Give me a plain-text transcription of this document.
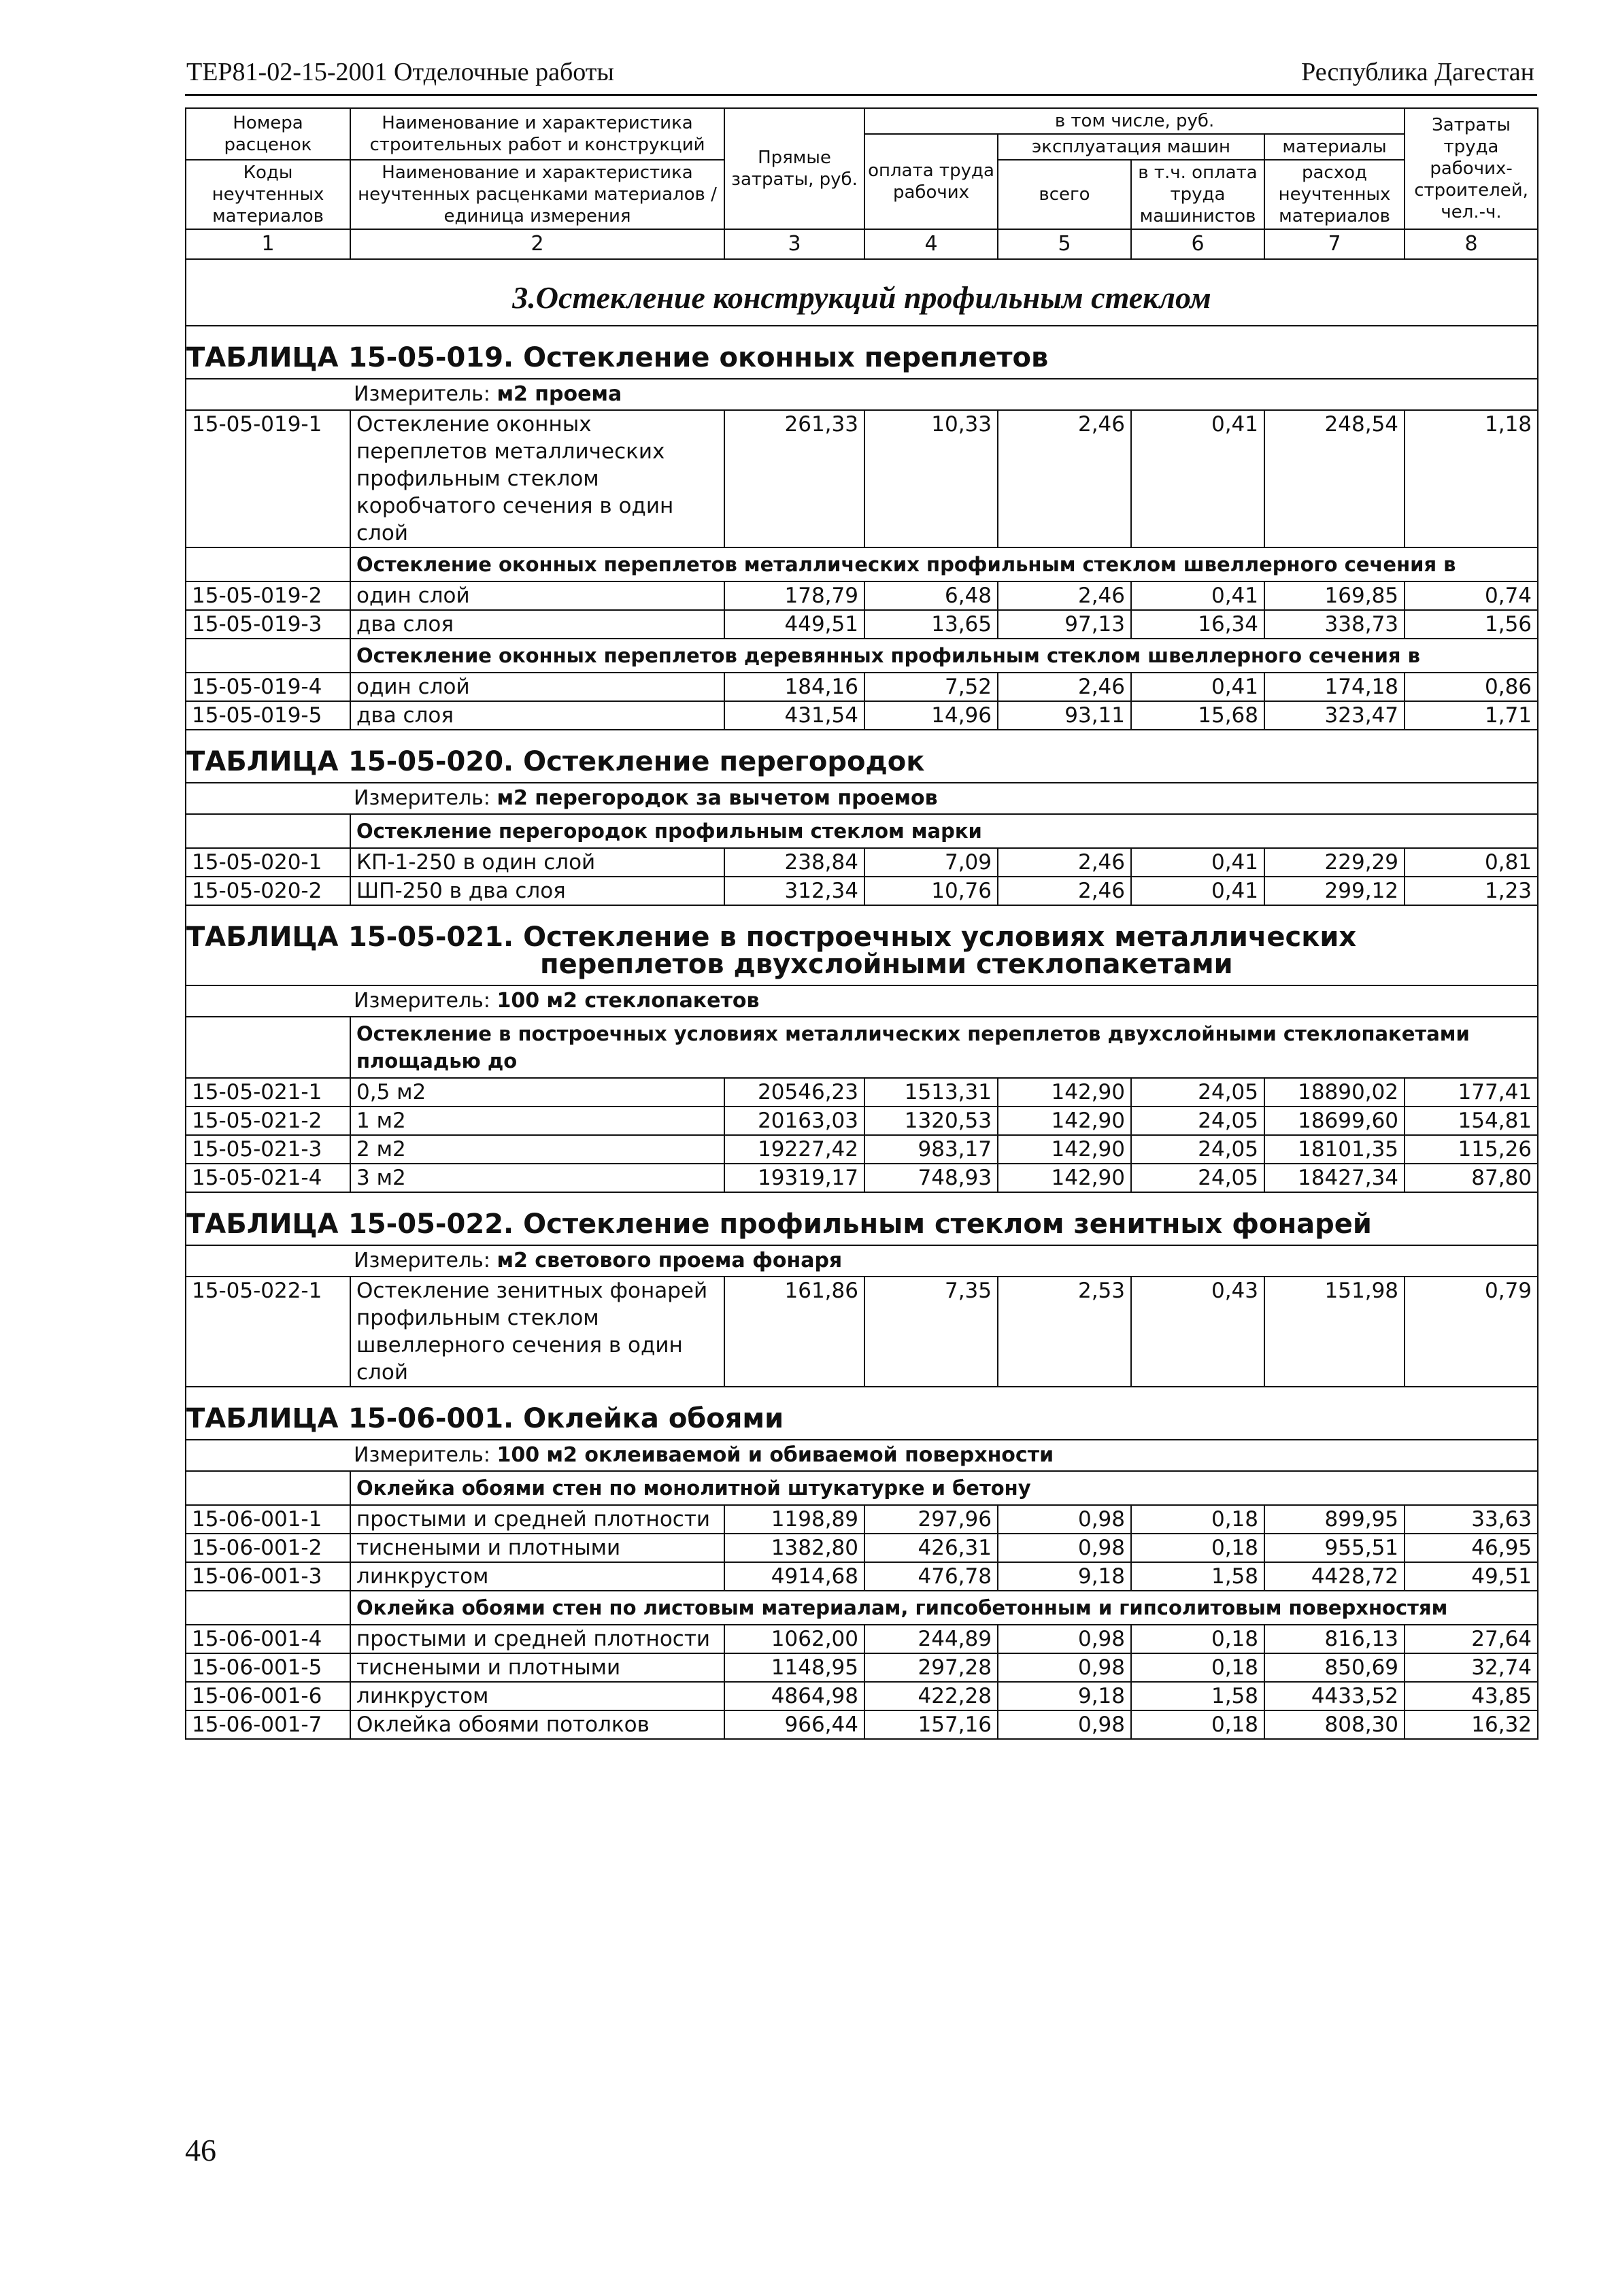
ТЕР81-02-15-2001 Отделочные работы	Республика Дагестан
Номера расценок	Наименование и характеристика строительных работ и конструкций	Прямые затраты, руб.	в том числе, руб.				Затраты труда рабочих-строителей, чел.-ч.
			оплата труда рабочих	эксплуатация машин		материалы	
Коды неучтенных материалов	Наименование и характеристика неучтенных расценками материалов / единица измерения			всего	в т.ч. оплата труда машинистов	расход неучтенных материалов	

1	2	3	4	5	6	7	8
3.Остекление конструкций профильным стеклом							
ТАБЛИЦА 15-05-019. Остекление оконных переплетов							
Измеритель: м2 проема							
15-05-019-1	Остекление оконных переплетов металлических профильным стеклом коробчатого сечения в один слой	261,33	10,33	2,46	0,41	248,54	1,18
	Остекление оконных переплетов металлических профильным стеклом швеллерного сечения в						
15-05-019-2	один слой	178,79	6,48	2,46	0,41	169,85	0,74
15-05-019-3	два слоя	449,51	13,65	97,13	16,34	338,73	1,56
	Остекление оконных переплетов деревянных профильным стеклом швеллерного сечения в						
15-05-019-4	один слой	184,16	7,52	2,46	0,41	174,18	0,86
15-05-019-5	два слоя	431,54	14,96	93,11	15,68	323,47	1,71
ТАБЛИЦА 15-05-020. Остекление перегородок							
Измеритель: м2 перегородок за вычетом проемов							
	Остекление перегородок профильным стеклом марки						
15-05-020-1	КП-1-250 в один слой	238,84	7,09	2,46	0,41	229,29	0,81
15-05-020-2	ШП-250 в два слоя	312,34	10,76	2,46	0,41	299,12	1,23
ТАБЛИЦА 15-05-021. Остекление в построечных условиях металлических
переплетов двухслойными стеклопакетами							
Измеритель: 100 м2 стеклопакетов							
	Остекление в построечных условиях металлических переплетов двухслойными стеклопакетами площадью до						
15-05-021-1	0,5 м2	20546,23	1513,31	142,90	24,05	18890,02	177,41
15-05-021-2	1 м2	20163,03	1320,53	142,90	24,05	18699,60	154,81
15-05-021-3	2 м2	19227,42	983,17	142,90	24,05	18101,35	115,26
15-05-021-4	3 м2	19319,17	748,93	142,90	24,05	18427,34	87,80
ТАБЛИЦА 15-05-022. Остекление профильным стеклом зенитных фонарей							
Измеритель: м2 светового проема фонаря							
15-05-022-1	Остекление зенитных фонарей профильным стеклом швеллерного сечения в один слой	161,86	7,35	2,53	0,43	151,98	0,79
ТАБЛИЦА 15-06-001. Оклейка обоями							
Измеритель: 100 м2 оклеиваемой и обиваемой поверхности							
	Оклейка обоями стен по монолитной штукатурке и бетону						
15-06-001-1	простыми и средней плотности	1198,89	297,96	0,98	0,18	899,95	33,63
15-06-001-2	тиснеными и плотными	1382,80	426,31	0,98	0,18	955,51	46,95
15-06-001-3	линкрустом	4914,68	476,78	9,18	1,58	4428,72	49,51
	Оклейка обоями стен по листовым материалам, гипсобетонным и гипсолитовым поверхностям						
15-06-001-4	простыми и средней плотности	1062,00	244,89	0,98	0,18	816,13	27,64
15-06-001-5	тиснеными и плотными	1148,95	297,28	0,98	0,18	850,69	32,74
15-06-001-6	линкрустом	4864,98	422,28	9,18	1,58	4433,52	43,85
15-06-001-7	Оклейка обоями потолков	966,44	157,16	0,98	0,18	808,30	16,32
46
